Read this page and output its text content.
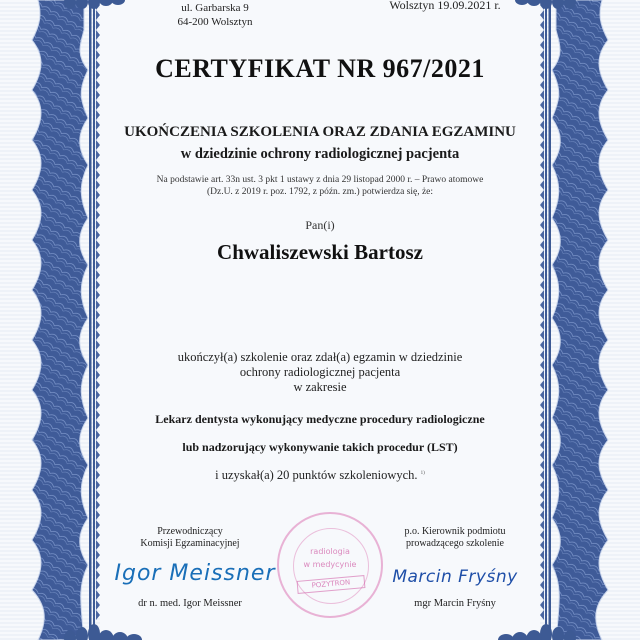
ul. Garbarska 9
64-200 Wolsztyn
Wolsztyn 19.09.2021 r.
CERTYFIKAT NR 967/2021
UKOŃCZENIA SZKOLENIA ORAZ ZDANIA EGZAMINU
w dziedzinie ochrony radiologicznej pacjenta
Na podstawie art. 33n ust. 3 pkt 1 ustawy z dnia 29 listopad 2000 r. – Prawo atomowe
(Dz.U. z 2019 r. poz. 1792, z późn. zm.) potwierdza się, że:
Pan(i)
Chwaliszewski Bartosz
ukończył(a) szkolenie oraz zdał(a) egzamin w dziedzinie
ochrony radiologicznej pacjenta
w zakresie
Lekarz dentysta wykonujący medyczne procedury radiologiczne
lub nadzorujący wykonywanie takich procedur (LST)
i uzyskał(a) 20 punktów szkoleniowych. $^{1)}$
Przewodniczący
Komisji Egzaminacyjnej
Igor Meissner
dr n. med. Igor Meissner
radiologia
w medycynie
POZYTRON
p.o. Kierownik podmiotu
prowadzącego szkolenie
Marcin Fryśny
mgr Marcin Fryśny
